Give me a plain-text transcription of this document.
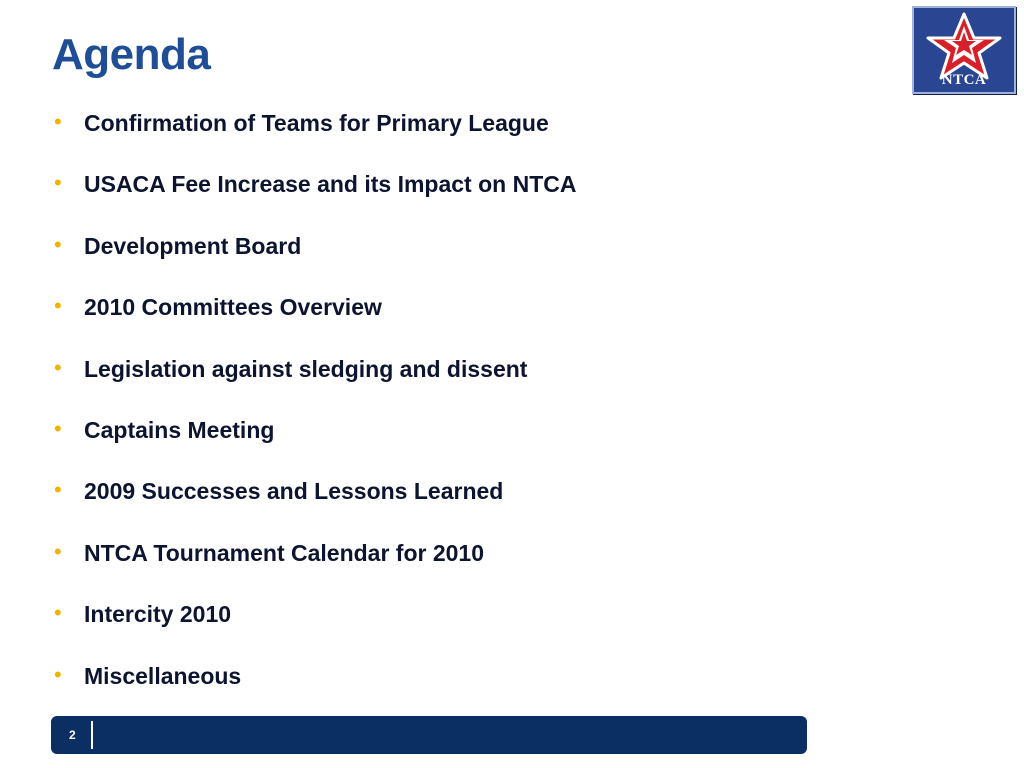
Agenda
NTCA
• Confirmation of Teams for Primary League
• USACA Fee Increase and its Impact on NTCA
• Development Board
• 2010 Committees Overview
• Legislation against sledging and dissent
• Captains Meeting
• 2009 Successes and Lessons Learned
• NTCA Tournament Calendar for 2010
• Intercity 2010
• Miscellaneous
2
